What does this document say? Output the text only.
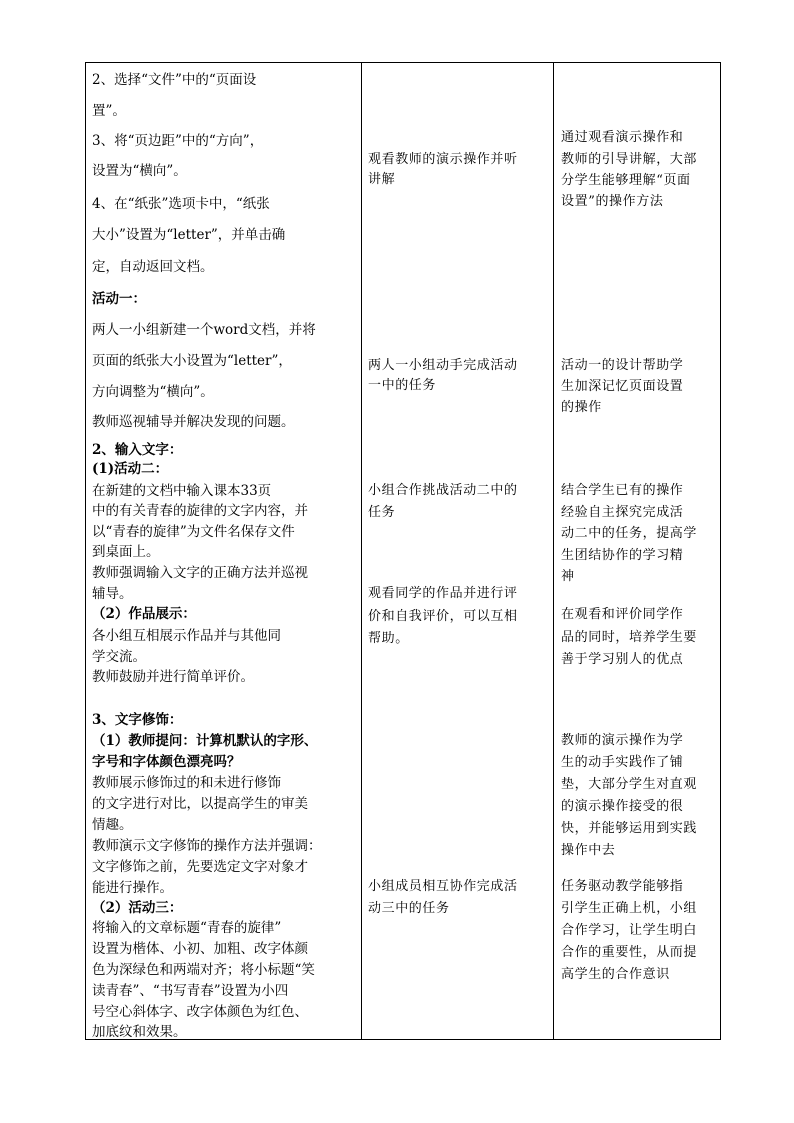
2、选择“文件”中的“页面设
置”。
3、将“页边距”中的“方向”，
设置为“横向”。
4、在“纸张”选项卡中，“纸张
大小”设置为“letter”，并单击确
定，自动返回文档。
活动一：
两人一小组新建一个word文档，并将
页面的纸张大小设置为“letter”，
方向调整为“横向”。
教师巡视辅导并解决发现的问题。
2、输入文字：
(1)活动二：
在新建的文档中输入课本33页
中的有关青春的旋律的文字内容，并
以“青春的旋律”为文件名保存文件
到桌面上。
教师强调输入文字的正确方法并巡视
辅导。
（2）作品展示：
各小组互相展示作品并与其他同
学交流。
教师鼓励并进行简单评价。
3、文字修饰：
（1）教师提问：计算机默认的字形、
字号和字体颜色漂亮吗？
教师展示修饰过的和未进行修饰
的文字进行对比，以提高学生的审美
情趣。
教师演示文字修饰的操作方法并强调：
文字修饰之前，先要选定文字对象才
能进行操作。
（2）活动三：
将输入的文章标题“青春的旋律”
设置为楷体、小初、加粗、改字体颜
色为深绿色和两端对齐；将小标题“笑
读青春”、“书写青春”设置为小四
号空心斜体字、改字体颜色为红色、
加底纹和效果。
观看教师的演示操作并听
讲解
两人一小组动手完成活动
一中的任务
小组合作挑战活动二中的
任务
观看同学的作品并进行评
价和自我评价，可以互相
帮助。
小组成员相互协作完成活
动三中的任务
通过观看演示操作和
教师的引导讲解，大部
分学生能够理解“页面
设置”的操作方法
活动一的设计帮助学
生加深记忆页面设置
的操作
结合学生已有的操作
经验自主探究完成活
动二中的任务，提高学
生团结协作的学习精
神
在观看和评价同学作
品的同时，培养学生要
善于学习别人的优点
教师的演示操作为学
生的动手实践作了铺
垫，大部分学生对直观
的演示操作接受的很
快，并能够运用到实践
操作中去
任务驱动教学能够指
引学生正确上机，小组
合作学习，让学生明白
合作的重要性，从而提
高学生的合作意识
